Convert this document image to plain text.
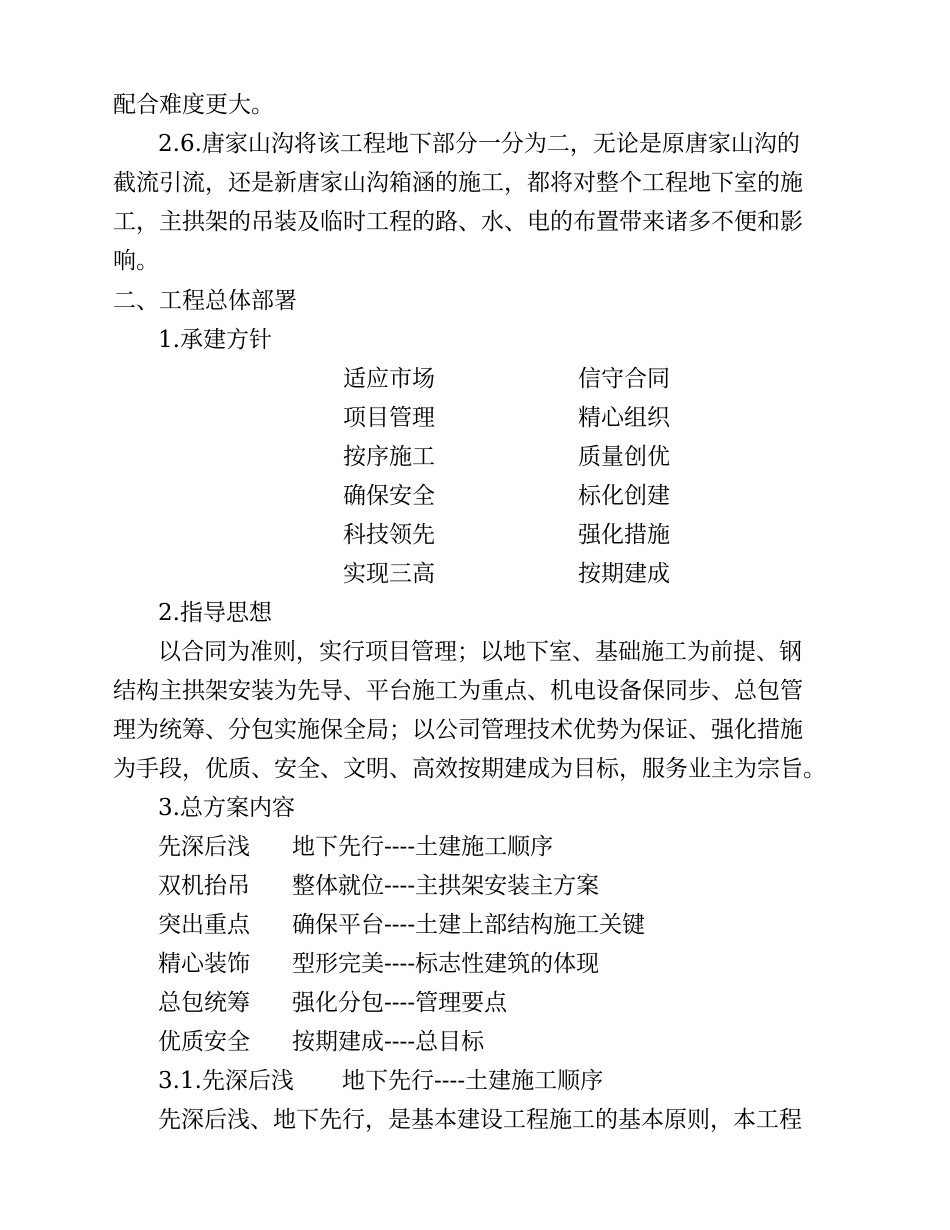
配合难度更大。
2.6.唐家山沟将该工程地下部分一分为二，无论是原唐家山沟的
截流引流，还是新唐家山沟箱涵的施工，都将对整个工程地下室的施
工，主拱架的吊装及临时工程的路、水、电的布置带来诸多不便和影
响。
二、工程总体部署
1.承建方针
适应市场	信守合同
项目管理	精心组织
按序施工	质量创优
确保安全	标化创建
科技领先	强化措施
实现三高	按期建成
2.指导思想
以合同为准则，实行项目管理；以地下室、基础施工为前提、钢
结构主拱架安装为先导、平台施工为重点、机电设备保同步、总包管
理为统筹、分包实施保全局；以公司管理技术优势为保证、强化措施
为手段，优质、安全、文明、高效按期建成为目标，服务业主为宗旨。
3.总方案内容
先深后浅 地下先行----土建施工顺序
双机抬吊 整体就位----主拱架安装主方案
突出重点 确保平台----土建上部结构施工关键
精心装饰 型形完美----标志性建筑的体现
总包统筹 强化分包----管理要点
优质安全 按期建成----总目标
3.1.先深后浅 地下先行----土建施工顺序
先深后浅、地下先行，是基本建设工程施工的基本原则，本工程
